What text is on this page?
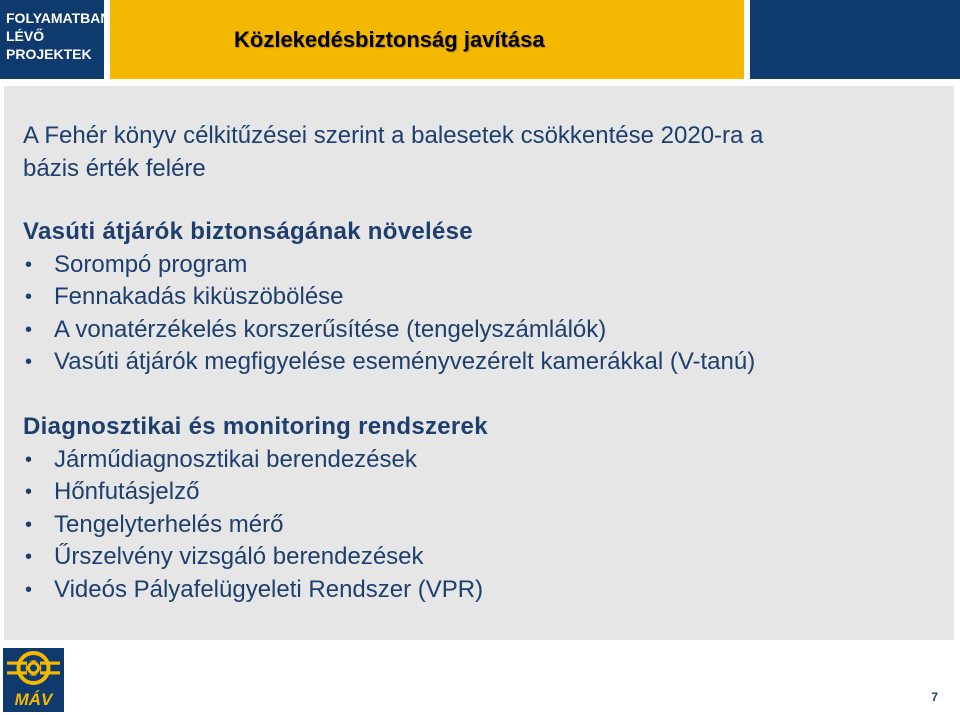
FOLYAMATBAN
LÉVŐ
PROJEKTEK
Közlekedésbiztonság javítása
A Fehér könyv célkitűzései szerint a balesetek csökkentése 2020-ra a
bázis érték felére
Vasúti átjárók biztonságának növelése
• Sorompó program
• Fennakadás kiküszöbölése
• A vonatérzékelés korszerűsítése (tengelyszámlálók)
• Vasúti átjárók megfigyelése eseményvezérelt kamerákkal (V-tanú)
Diagnosztikai és monitoring rendszerek
• Járműdiagnosztikai berendezések
• Hőnfutásjelző
• Tengelyterhelés mérő
• Űrszelvény vizsgáló berendezések
• Videós Pályafelügyeleti Rendszer (VPR)
MÁV	7
